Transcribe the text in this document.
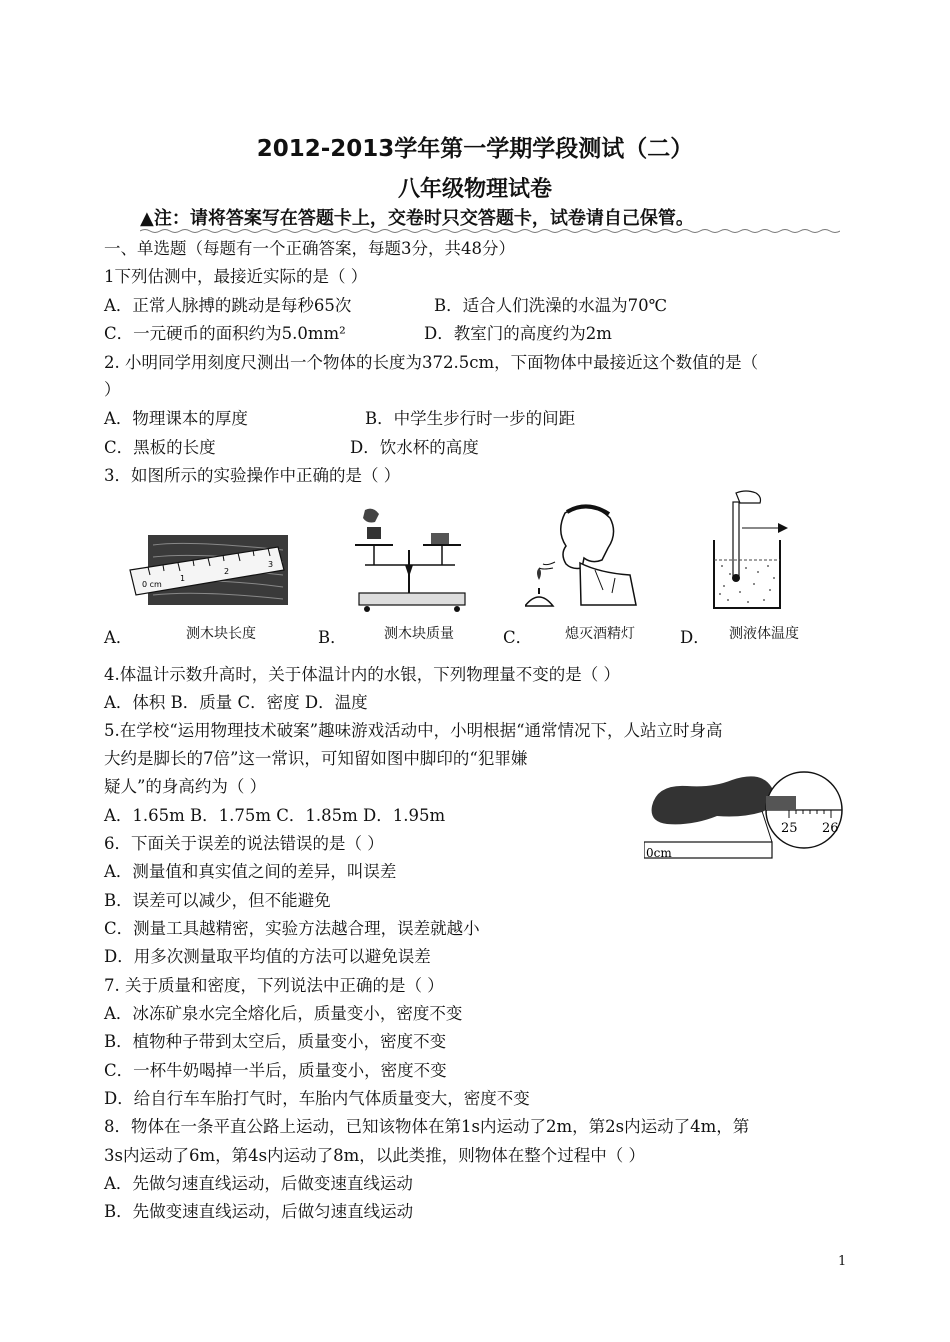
2012-2013学年第一学期学段测试（二）
八年级物理试卷
▲注：请将答案写在答题卡上，交卷时只交答题卡，试卷请自己保管。
一、单选题（每题有一个正确答案，每题3分，共48分）
1下列估测中，最接近实际的是（ ）
A．正常人脉搏的跳动是每秒65次	B．适合人们洗澡的水温为70℃
C．一元硬币的面积约为5.0mm²	D．教室门的高度约为2m
2. 小明同学用刻度尺测出一个物体的长度为372.5cm，下面物体中最接近这个数值的是（
）
A．物理课本的厚度	B．中学生步行时一步的间距
C．黑板的长度	D．饮水杯的高度
3．如图所示的实验操作中正确的是（ ）
0 cm
1
2
3
A．	测木块长度	B．	测木块质量	C． 熄灭酒精灯	D． 测液体温度
4.体温计示数升高时，关于体温计内的水银，下列物理量不变的是（ ）
A．体积 B．质量 C．密度 D．温度
5.在学校“运用物理技术破案”趣味游戏活动中，小明根据“通常情况下，人站立时身高
大约是脚长的7倍”这一常识，可知留如图中脚印的“犯罪嫌
疑人”的身高约为（ ）
A．1.65m B．1.75m C．1.85m D．1.95m
0cm
25 26
6．下面关于误差的说法错误的是（ ）
A．测量值和真实值之间的差异，叫误差
B．误差可以减少，但不能避免
C．测量工具越精密，实验方法越合理，误差就越小
D．用多次测量取平均值的方法可以避免误差
7. 关于质量和密度，下列说法中正确的是（ ）
A．冰冻矿泉水完全熔化后，质量变小，密度不变
B．植物种子带到太空后，质量变小，密度不变
C．一杯牛奶喝掉一半后，质量变小，密度不变
D．给自行车车胎打气时，车胎内气体质量变大，密度不变
8．物体在一条平直公路上运动，已知该物体在第1s内运动了2m，第2s内运动了4m，第
3s内运动了6m，第4s内运动了8m，以此类推，则物体在整个过程中（ ）
A．先做匀速直线运动，后做变速直线运动
B．先做变速直线运动，后做匀速直线运动
1
